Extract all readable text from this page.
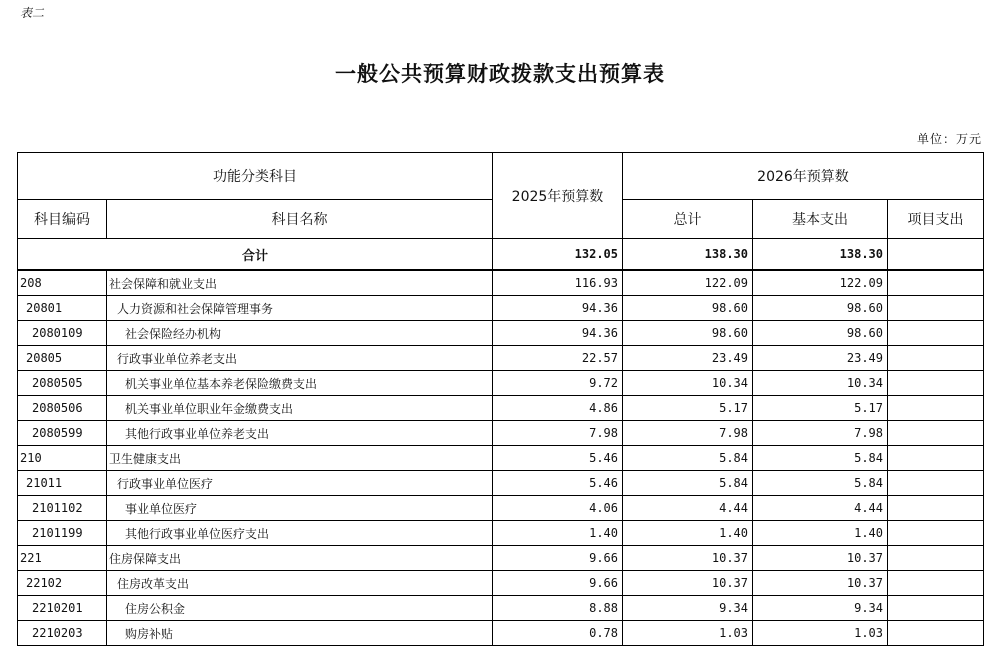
表二
一般公共预算财政拨款支出预算表
单位：万元
功能分类科目		2025年预算数	2026年预算数		
科目编码	科目名称		总计	基本支出	项目支出
合计		132.05	138.30	138.30	
208	社会保障和就业支出	116.93	122.09	122.09	
20801	人力资源和社会保障管理事务	94.36	98.60	98.60	
2080109	社会保险经办机构	94.36	98.60	98.60	
20805	行政事业单位养老支出	22.57	23.49	23.49	
2080505	机关事业单位基本养老保险缴费支出	9.72	10.34	10.34	
2080506	机关事业单位职业年金缴费支出	4.86	5.17	5.17	
2080599	其他行政事业单位养老支出	7.98	7.98	7.98	
210	卫生健康支出	5.46	5.84	5.84	
21011	行政事业单位医疗	5.46	5.84	5.84	
2101102	事业单位医疗	4.06	4.44	4.44	
2101199	其他行政事业单位医疗支出	1.40	1.40	1.40	
221	住房保障支出	9.66	10.37	10.37	
22102	住房改革支出	9.66	10.37	10.37	
2210201	住房公积金	8.88	9.34	9.34	
2210203	购房补贴	0.78	1.03	1.03	
